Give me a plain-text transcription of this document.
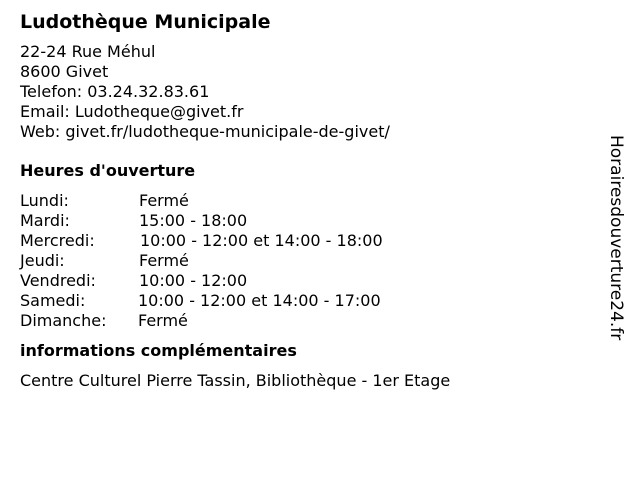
Ludothèque Municipale
22-24 Rue Méhul
8600 Givet
Telefon: 03.24.32.83.61
Email: Ludotheque@givet.fr
Web: givet.fr/ludotheque-municipale-de-givet/
Heures d'ouverture
Lundi:	Fermé
Mardi:	15:00 - 18:00
Mercredi:	10:00 - 12:00 et 14:00 - 18:00
Jeudi:	Fermé
Vendredi:	10:00 - 12:00
Samedi:	10:00 - 12:00 et 14:00 - 17:00
Dimanche:	Fermé
informations complémentaires
Centre Culturel Pierre Tassin, Bibliothèque - 1er Etage
Horairesdouverture24.fr
